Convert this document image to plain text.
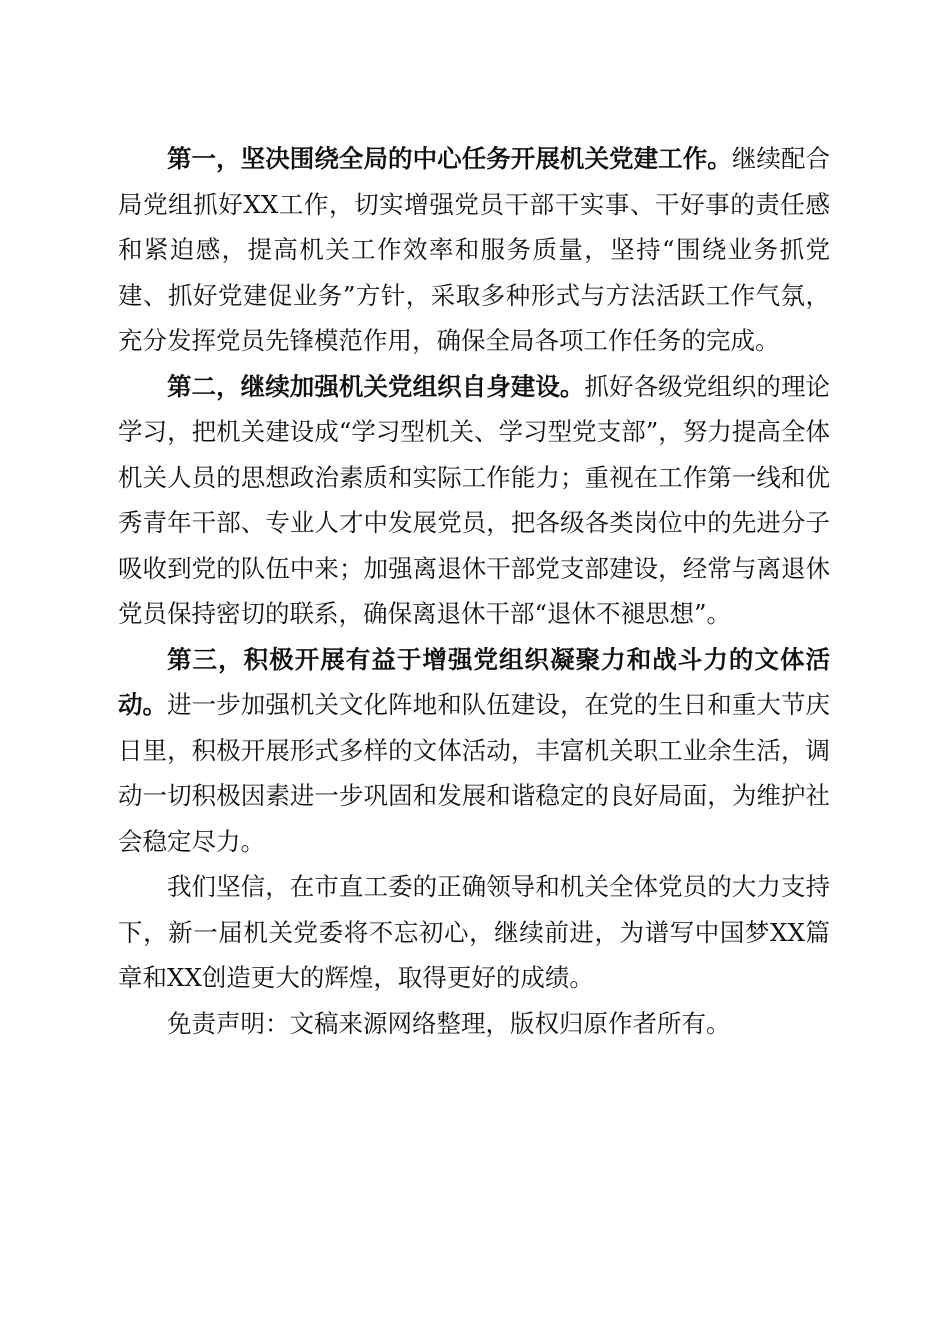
第一，坚决围绕全局的中心任务开展机关党建工作。继续配合局党组抓好XX工作，切实增强党员干部干实事、干好事的责任感和紧迫感，提高机关工作效率和服务质量，坚持“围绕业务抓党建、抓好党建促业务”方针，采取多种形式与方法活跃工作气氛，充分发挥党员先锋模范作用，确保全局各项工作任务的完成。

第二，继续加强机关党组织自身建设。抓好各级党组织的理论学习，把机关建设成“学习型机关、学习型党支部”，努力提高全体机关人员的思想政治素质和实际工作能力；重视在工作第一线和优秀青年干部、专业人才中发展党员，把各级各类岗位中的先进分子吸收到党的队伍中来；加强离退休干部党支部建设，经常与离退休党员保持密切的联系，确保离退休干部“退休不褪思想”。

第三，积极开展有益于增强党组织凝聚力和战斗力的文体活动。进一步加强机关文化阵地和队伍建设，在党的生日和重大节庆日里，积极开展形式多样的文体活动，丰富机关职工业余生活，调动一切积极因素进一步巩固和发展和谐稳定的良好局面，为维护社会稳定尽力。

我们坚信，在市直工委的正确领导和机关全体党员的大力支持下，新一届机关党委将不忘初心，继续前进，为谱写中国梦XX篇章和XX创造更大的辉煌，取得更好的成绩。

免责声明：文稿来源网络整理，版权归原作者所有。
